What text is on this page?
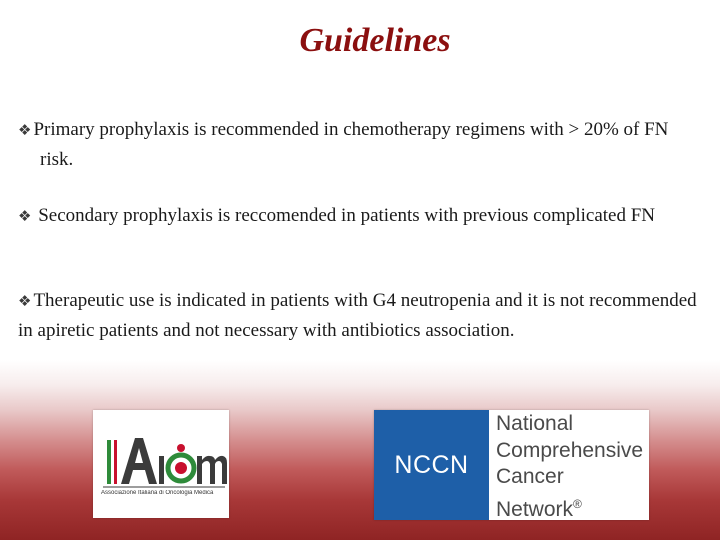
Guidelines

❖ Primary prophylaxis is recommended in chemotherapy regimens with > 20% of FN risk.

❖ Secondary prophylaxis is reccomended in patients with previous complicated FN

❖ Therapeutic use is indicated in patients with G4 neutropenia and it is not recommended in apiretic patients and not necessary with antibiotics association.

Associazione Italiana di Oncologia Medica
NCCN
National
Comprehensive
Cancer
Network®
